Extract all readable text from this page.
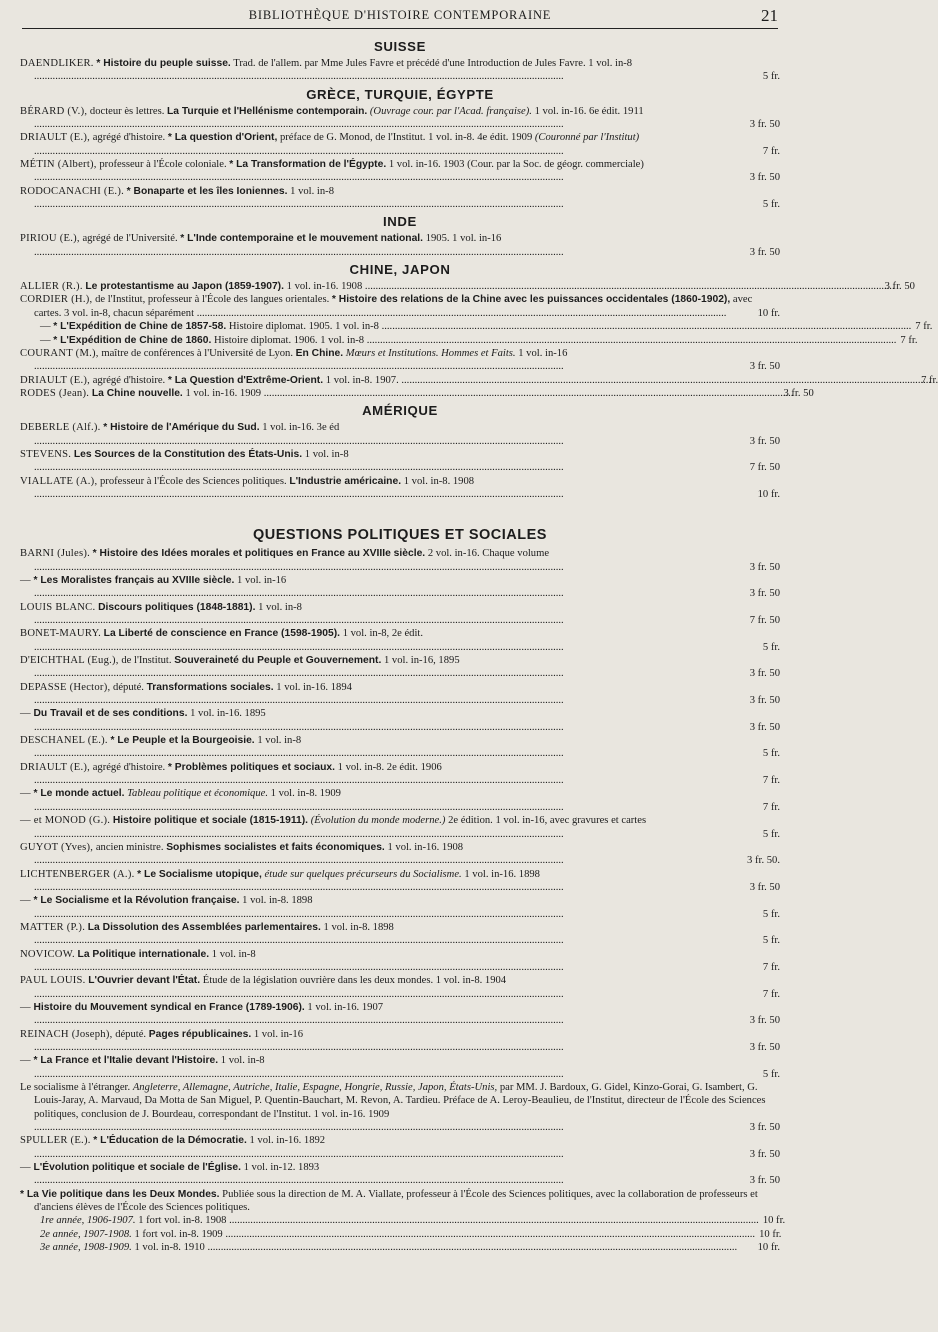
BIBLIOTHÈQUE D'HISTOIRE CONTEMPORAINE	21
SUISSE

DAENDLIKER. * Histoire du peuple suisse. Trad. de l'allem. par Mme Jules Favre et précédé d'une Introduction de Jules Favre. 1 vol. in-8 .....
5 fr.

GRÈCE, TURQUIE, ÉGYPTE

BÉRARD (V.), docteur ès lettres. La Turquie et l'Hellénisme contemporain. (Ouvrage cour. par l'Acad. française). 1 vol. in-16. 6e édit. 1911 .....
3 fr. 50

DRIAULT (E.), agrégé d'histoire. * La question d'Orient, préface de G. Monod, de l'Institut. 1 vol. in-8. 4e édit. 1909 (Couronné par l'Institut) .....
7 fr.

MÉTIN (Albert), professeur à l'École coloniale. * La Transformation de l'Égypte. 1 vol. in-16. 1903 (Cour. par la Soc. de géogr. commerciale) .....
3 fr. 50

RODOCANACHI (E.). * Bonaparte et les îles Ioniennes. 1 vol. in-8 .....
5 fr.

INDE

PIRIOU (E.), agrégé de l'Université. * L'Inde contemporaine et le mouvement national. 1905. 1 vol. in-16 .....
3 fr. 50

CHINE, JAPON

ALLIER (R.). Le protestantisme au Japon (1859-1907). 1 vol. in-16. 1908 .....	3 fr. 50

CORDIER (H.), de l'Institut, professeur à l'École des langues orientales. * Histoire des relations de la Chine avec les puissances occidentales (1860-1902), avec cartes. 3 vol. in-8, chacun séparément .....	10 fr.

— * L'Expédition de Chine de 1857-58. Histoire diplomat. 1905. 1 vol. in-8 .....	7 fr.

— * L'Expédition de Chine de 1860. Histoire diplomat. 1906. 1 vol. in-8 .....	7 fr.

COURANT (M.), maître de conférences à l'Université de Lyon. En Chine. Mœurs et Institutions. Hommes et Faits. 1 vol. in-16 .....
3 fr. 50

DRIAULT (E.), agrégé d'histoire. * La Question d'Extrême-Orient. 1 vol. in-8. 1907. .....	7 fr.

RODES (Jean). La Chine nouvelle. 1 vol. in-16. 1909 .....	3 fr. 50

AMÉRIQUE

DEBERLE (Alf.). * Histoire de l'Amérique du Sud. 1 vol. in-16. 3e éd .....
3 fr. 50

STEVENS. Les Sources de la Constitution des États-Unis. 1 vol. in-8 .....
7 fr. 50

VIALLATE (A.), professeur à l'École des Sciences politiques. L'Industrie américaine. 1 vol. in-8. 1908 .....
10 fr.

QUESTIONS POLITIQUES ET SOCIALES

BARNI (Jules). * Histoire des Idées morales et politiques en France au XVIIIe siècle. 2 vol. in-16. Chaque volume .....
3 fr. 50

— * Les Moralistes français au XVIIIe siècle. 1 vol. in-16 .....
3 fr. 50

LOUIS BLANC. Discours politiques (1848-1881). 1 vol. in-8 .....
7 fr. 50

BONET-MAURY. La Liberté de conscience en France (1598-1905). 1 vol. in-8, 2e édit. .....
5 fr.

D'EICHTHAL (Eug.), de l'Institut. Souveraineté du Peuple et Gouvernement. 1 vol. in-16, 1895 .....
3 fr. 50

DEPASSE (Hector), député. Transformations sociales. 1 vol. in-16. 1894 .....
3 fr. 50

— Du Travail et de ses conditions. 1 vol. in-16. 1895 .....
3 fr. 50

DESCHANEL (E.). * Le Peuple et la Bourgeoisie. 1 vol. in-8 .....
5 fr.

DRIAULT (E.), agrégé d'histoire. * Problèmes politiques et sociaux. 1 vol. in-8. 2e édit. 1906 .....
7 fr.

— * Le monde actuel. Tableau politique et économique. 1 vol. in-8. 1909 .....
7 fr.

— et MONOD (G.). Histoire politique et sociale (1815-1911). (Évolution du monde moderne.) 2e édition. 1 vol. in-16, avec gravures et cartes .....
5 fr.

GUYOT (Yves), ancien ministre. Sophismes socialistes et faits économiques. 1 vol. in-16. 1908 .....
3 fr. 50.

LICHTENBERGER (A.). * Le Socialisme utopique, étude sur quelques précurseurs du Socialisme. 1 vol. in-16. 1898 .....
3 fr. 50

— * Le Socialisme et la Révolution française. 1 vol. in-8. 1898 .....
5 fr.

MATTER (P.). La Dissolution des Assemblées parlementaires. 1 vol. in-8. 1898 .....
5 fr.

NOVICOW. La Politique internationale. 1 vol. in-8 .....
7 fr.

PAUL LOUIS. L'Ouvrier devant l'État. Étude de la législation ouvrière dans les deux mondes. 1 vol. in-8. 1904 .....
7 fr.

— Histoire du Mouvement syndical en France (1789-1906). 1 vol. in-16. 1907 .....
3 fr. 50

REINACH (Joseph), député. Pages républicaines. 1 vol. in-16 .....
3 fr. 50

— * La France et l'Italie devant l'Histoire. 1 vol. in-8 .....
5 fr.

Le socialisme à l'étranger. Angleterre, Allemagne, Autriche, Italie, Espagne, Hongrie, Russie, Japon, États-Unis, par MM. J. Bardoux, G. Gidel, Kinzo-Gorai, G. Isambert, G. Louis-Jaray, A. Marvaud, Da Motta de San Miguel, P. Quentin-Bauchart, M. Revon, A. Tardieu. Préface de A. Leroy-Beaulieu, de l'Institut, directeur de l'École des Sciences politiques, conclusion de J. Bourdeau, correspondant de l'Institut. 1 vol. in-16. 1909 .....
3 fr. 50

SPULLER (E.). * L'Éducation de la Démocratie. 1 vol. in-16. 1892 .....
3 fr. 50

— L'Évolution politique et sociale de l'Église. 1 vol. in-12. 1893 .....
3 fr. 50

* La Vie politique dans les Deux Mondes. Publiée sous la direction de M. A. Viallate, professeur à l'École des Sciences politiques, avec la collaboration de professeurs et d'anciens élèves de l'École des Sciences politiques.

1re année, 1906-1907. 1 fort vol. in-8. 1908 .....	10 fr.

2e année, 1907-1908. 1 fort vol. in-8. 1909 .....	10 fr.

3e année, 1908-1909. 1 vol. in-8. 1910 .....	10 fr.
